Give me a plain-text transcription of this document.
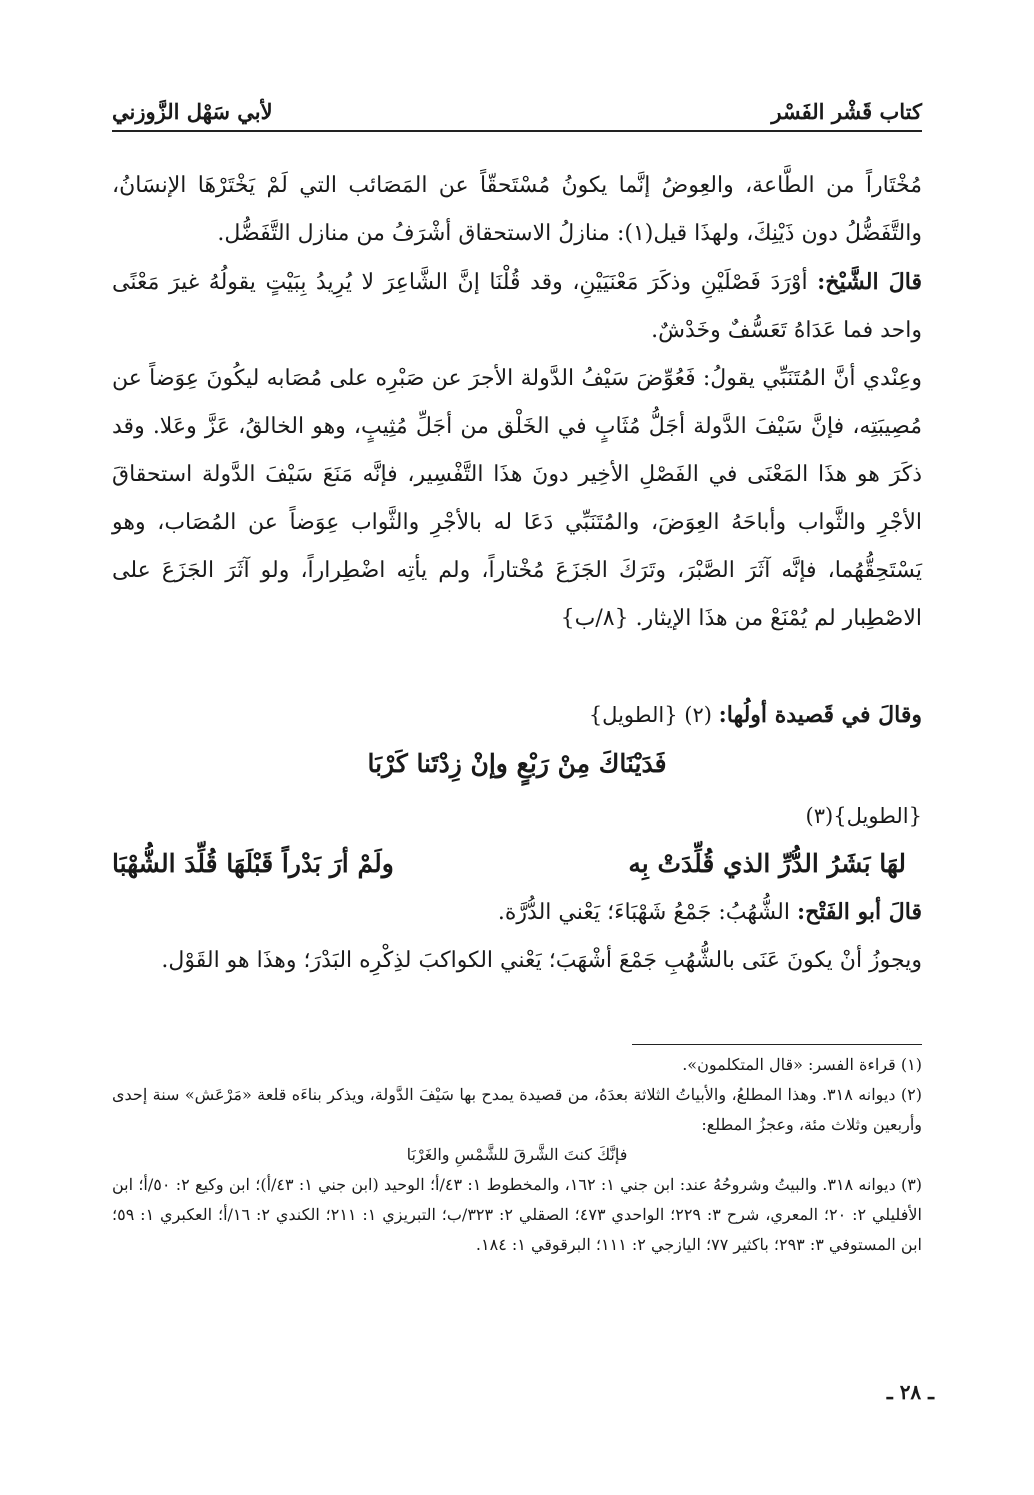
كتاب قَشْر الفَسْر
لأبي سَهْل الزَّوزني

مُخْتَاراً من الطَّاعة، والعِوضُ إنَّما يكونُ مُسْتَحقّاً عن المَصَائب التي لَمْ يَخْتَرْهَا الإنسَانُ، والتَّفَضُّلُ دون ذَيْنِكَ، ولهذَا قيل(١): منازلُ الاستحقاق أشْرَفُ من منازل التَّفَضُّل.

قالَ الشَّيْخ: أوْرَدَ فَصْلَيْنِ وذكَرَ مَعْنَيَيْنِ، وقد قُلْنَا إنَّ الشَّاعِرَ لا يُرِيدُ بِبَيْتٍ يقولُهُ غيرَ مَعْنًى واحد فما عَدَاهُ تَعَسُّفٌ وخَدْشٌ.

وعِنْدي أنَّ المُتَنَبِّي يقولُ: فَعُوِّضَ سَيْفُ الدَّولة الأجرَ عن صَبْرِه على مُصَابه ليكُونَ عِوَضاً عن مُصِيبَتِه، فإنَّ سَيْفَ الدَّولة أجَلُّ مُثَابٍ في الخَلْق من أجَلِّ مُثِيبٍ، وهو الخالقُ، عَزَّ وعَلا. وقد ذكَرَ هو هذَا المَعْنَى في الفَصْلِ الأخِير دونَ هذَا التَّفْسِير، فإنَّه مَنَعَ سَيْفَ الدَّولة استحقاقَ الأجْرِ والثَّواب وأباحَهُ العِوَضَ، والمُتَنَبِّي دَعَا له بالأجْرِ والثَّواب عِوَضاً عن المُصَاب، وهو يَسْتَحِقُّهُما، فإنَّه آثَرَ الصَّبْرَ، وتَرَكَ الجَزَعَ مُخْتاراً، ولم يأتِه اضْطِراراً، ولو آثَرَ الجَزَعَ على الاصْطِبار لم يُمْنَعْ من هذَا الإيثار. {٨/ب}

وقالَ في قَصيدة أولُها: (٢) {الطويل}

فَدَيْنَاكَ مِنْ رَبْعٍ وإنْ زِدْتَنا كَرْبَا

{الطويل}(٣)

لهَا بَشَرُ الدُّرِّ الذي قُلِّدَتْ بِه
ولَمْ أرَ بَدْراً قَبْلَهَا قُلِّدَ الشُّهْبَا

قالَ أبو الفَتْح: الشُّهُبُ: جَمْعُ شَهْبَاءَ؛ يَعْني الدُّرَّة.

ويجوزُ أنْ يكونَ عَنَى بالشُّهُبِ جَمْعَ أشْهَبَ؛ يَعْني الكواكبَ لذِكْرِه البَدْرَ؛ وهذَا هو القَوْل.

(١) قراءة الفسر: «قال المتكلمون».

(٢) ديوانه ٣١٨. وهذا المطلعُ، والأبياتُ الثلاثة بعدَهُ، من قصيدة يمدح بها سَيْفَ الدَّولة، ويذكر بناءَه قلعة «مَرْعَش» سنة إحدى وأربعين وثلاث مئة، وعجزُ المطلع:

فإنَّكَ كنتَ الشَّرقَ للشَّمْسِ والغَرْبَا

(٣) ديوانه ٣١٨. والبيتُ وشروحُهُ عند: ابن جني ١: ١٦٢، والمخطوط ١: ٤٣/أ؛ الوحيد (ابن جني ١: ٤٣/أ)؛ ابن وكيع ٢: ٥٠/أ؛ ابن الأفليلي ٢: ٢٠؛ المعري، شرح ٣: ٢٢٩؛ الواحدي ٤٧٣؛ الصقلي ٢: ٣٢٣/ب؛ التبريزي ١: ٢١١؛ الكندي ٢: ١٦/أ؛ العكبري ١: ٥٩؛ ابن المستوفي ٣: ٢٩٣؛ باكثير ٧٧؛ اليازجي ٢: ١١١؛ البرقوقي ١: ١٨٤.

ـ ٢٨ ـ
